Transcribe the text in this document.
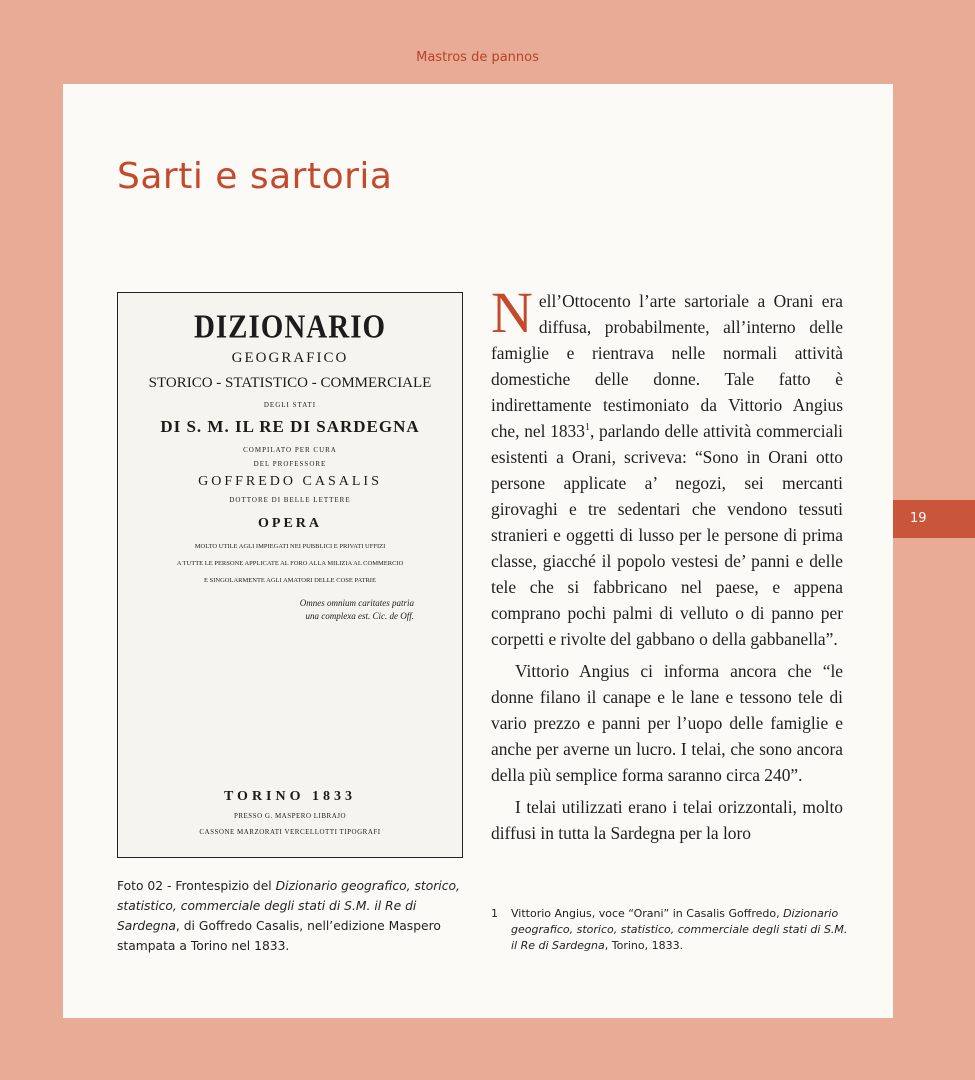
Mastros de pannos
19
Sarti e sartoria
DIZIONARIO
GEOGRAFICO
STORICO - STATISTICO - COMMERCIALE
DEGLI STATI
DI S. M. IL RE DI SARDEGNA
COMPILATO PER CURA
DEL PROFESSORE
GOFFREDO CASALIS
DOTTORE DI BELLE LETTERE
OPERA
MOLTO UTILE AGLI IMPIEGATI NEI PUBBLICI E PRIVATI UFFIZI
A TUTTE LE PERSONE APPLICATE AL FORO ALLA MILIZIA AL COMMERCIO
E SINGOLARMENTE AGLI AMATORI DELLE COSE PATRIE
Omnes omnium caritates patria
una complexa est. Cic. de Off.
TORINO 1833
PRESSO G. MASPERO LIBRAJO
CASSONE MARZORATI VERCELLOTTI TIPOGRAFI
Foto 02 - Frontespizio del Dizionario geografico, storico, statistico, commerciale degli stati di S.M. il Re di Sardegna, di Goffredo Casalis, nell’edizione Maspero stampata a Torino nel 1833.

Nell’Ottocento l’arte sartoriale a Orani era diffusa, probabilmente, all’interno delle famiglie e rientrava nelle normali attività domestiche delle donne. Tale fatto è indirettamente testimoniato da Vittorio Angius che, nel 1833$^1$, parlando delle attività commerciali esistenti a Orani, scriveva: “Sono in Orani otto persone applicate a’ negozi, sei mercanti girovaghi e tre sedentari che vendono tessuti stranieri e oggetti di lusso per le persone di prima classe, giacché il popolo vestesi de’ panni e delle tele che si fabbricano nel paese, e appena comprano pochi palmi di velluto o di panno per corpetti e rivolte del gabbano o della gabbanella”.

Vittorio Angius ci informa ancora che “le donne filano il canape e le lane e tessono tele di vario prezzo e panni per l’uopo delle famiglie e anche per averne un lucro. I telai, che sono ancora della più semplice forma saranno circa 240”.

I telai utilizzati erano i telai orizzontali, molto diffusi in tutta la Sardegna per la loro

1 Vittorio Angius, voce “Orani” in Casalis Goffredo, Dizionario geografico, storico, statistico, commerciale degli stati di S.M. il Re di Sardegna, Torino, 1833.
